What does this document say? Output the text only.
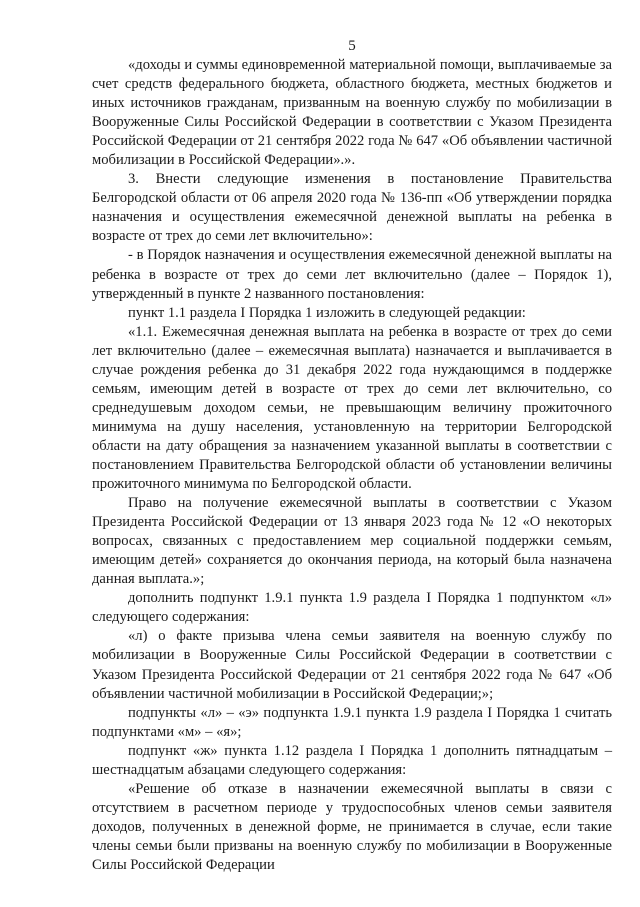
5

«доходы и суммы единовременной материальной помощи, выплачиваемые за счет средств федерального бюджета, областного бюджета, местных бюджетов и иных источников гражданам, призванным на военную службу по мобилизации в Вооруженные Силы Российской Федерации в соответствии с Указом Президента Российской Федерации от 21 сентября 2022 года № 647 «Об объявлении частичной мобилизации в Российской Федерации».».

3. Внести следующие изменения в постановление Правительства Белгородской области от 06 апреля 2020 года № 136-пп «Об утверждении порядка назначения и осуществления ежемесячной денежной выплаты на ребенка в возрасте от трех до семи лет включительно»:

- в Порядок назначения и осуществления ежемесячной денежной выплаты на ребенка в возрасте от трех до семи лет включительно (далее – Порядок 1), утвержденный в пункте 2 названного постановления:

пункт 1.1 раздела I Порядка 1 изложить в следующей редакции:

«1.1. Ежемесячная денежная выплата на ребенка в возрасте от трех до семи лет включительно (далее – ежемесячная выплата) назначается и выплачивается в случае рождения ребенка до 31 декабря 2022 года нуждающимся в поддержке семьям, имеющим детей в возрасте от трех до семи лет включительно, со среднедушевым доходом семьи, не превышающим величину прожиточного минимума на душу населения, установленную на территории Белгородской области на дату обращения за назначением указанной выплаты в соответствии с постановлением Правительства Белгородской области об установлении величины прожиточного минимума по Белгородской области.

Право на получение ежемесячной выплаты в соответствии с Указом Президента Российской Федерации от 13 января 2023 года № 12 «О некоторых вопросах, связанных с предоставлением мер социальной поддержки семьям, имеющим детей» сохраняется до окончания периода, на который была назначена данная выплата.»;

дополнить подпункт 1.9.1 пункта 1.9 раздела I Порядка 1 подпунктом «л» следующего содержания:

«л) о факте призыва члена семьи заявителя на военную службу по мобилизации в Вооруженные Силы Российской Федерации в соответствии с Указом Президента Российской Федерации от 21 сентября 2022 года № 647 «Об объявлении частичной мобилизации в Российской Федерации;»;

подпункты «л» – «э» подпункта 1.9.1 пункта 1.9 раздела I Порядка 1 считать подпунктами «м» – «я»;

подпункт «ж» пункта 1.12 раздела I Порядка 1 дополнить пятнадцатым – шестнадцатым абзацами следующего содержания:

«Решение об отказе в назначении ежемесячной выплаты в связи с отсутствием в расчетном периоде у трудоспособных членов семьи заявителя доходов, полученных в денежной форме, не принимается в случае, если такие члены семьи были призваны на военную службу по мобилизации в Вооруженные Силы Российской Федерации
